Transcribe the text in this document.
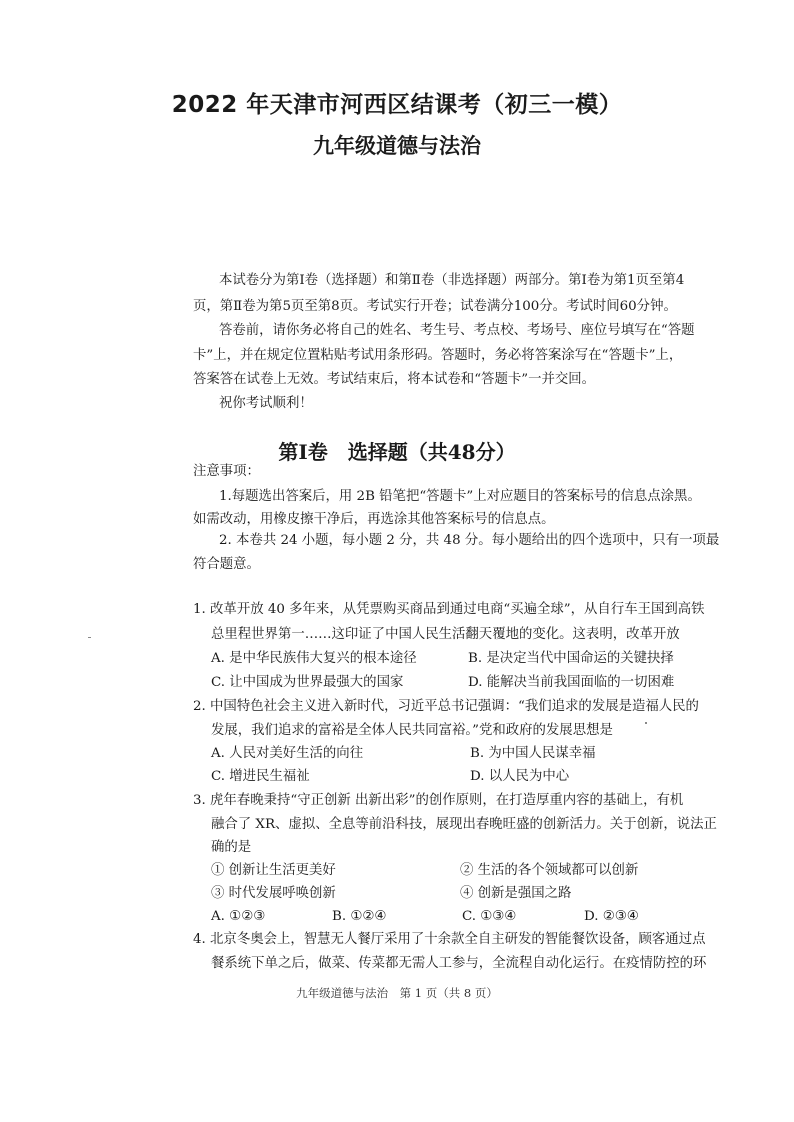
2022 年天津市河西区结课考（初三一模）
九年级道德与法治
本试卷分为第Ⅰ卷（选择题）和第Ⅱ卷（非选择题）两部分。第Ⅰ卷为第1页至第4
页，第Ⅱ卷为第5页至第8页。考试实行开卷；试卷满分100分。考试时间60分钟。
答卷前，请你务必将自己的姓名、考生号、考点校、考场号、座位号填写在“答题
卡”上，并在规定位置粘贴考试用条形码。答题时，务必将答案涂写在“答题卡”上，
答案答在试卷上无效。考试结束后，将本试卷和“答题卡”一并交回。
祝你考试顺利！
第Ⅰ卷　选择题（共48分）
注意事项：
1.每题选出答案后，用 2B 铅笔把“答题卡”上对应题目的答案标号的信息点涂黑。
如需改动，用橡皮擦干净后，再选涂其他答案标号的信息点。
2. 本卷共 24 小题，每小题 2 分，共 48 分。每小题给出的四个选项中，只有一项最
符合题意。
1. 改革开放 40 多年来，从凭票购买商品到通过电商“买遍全球”，从自行车王国到高铁
总里程世界第一……这印证了中国人民生活翻天覆地的变化。这表明，改革开放
A. 是中华民族伟大复兴的根本途径	B. 是决定当代中国命运的关键抉择
C. 让中国成为世界最强大的国家	D. 能解决当前我国面临的一切困难
2. 中国特色社会主义进入新时代，习近平总书记强调：“我们追求的发展是造福人民的
发展，我们追求的富裕是全体人民共同富裕。”党和政府的发展思想是
A. 人民对美好生活的向往	B. 为中国人民谋幸福
C. 增进民生福祉	D. 以人民为中心
3. 虎年春晚秉持“守正创新 出新出彩”的创作原则，在打造厚重内容的基础上，有机
融合了 XR、虚拟、全息等前沿科技，展现出春晚旺盛的创新活力。关于创新，说法正
确的是
① 创新让生活更美好	② 生活的各个领域都可以创新
③ 时代发展呼唤创新	④ 创新是强国之路
A. ①②③	B. ①②④	C. ①③④	D. ②③④
4. 北京冬奥会上，智慧无人餐厅采用了十余款全自主研发的智能餐饮设备，顾客通过点
餐系统下单之后，做菜、传菜都无需人工参与，全流程自动化运行。在疫情防控的环
九年级道德与法治　第 1 页（共 8 页）
